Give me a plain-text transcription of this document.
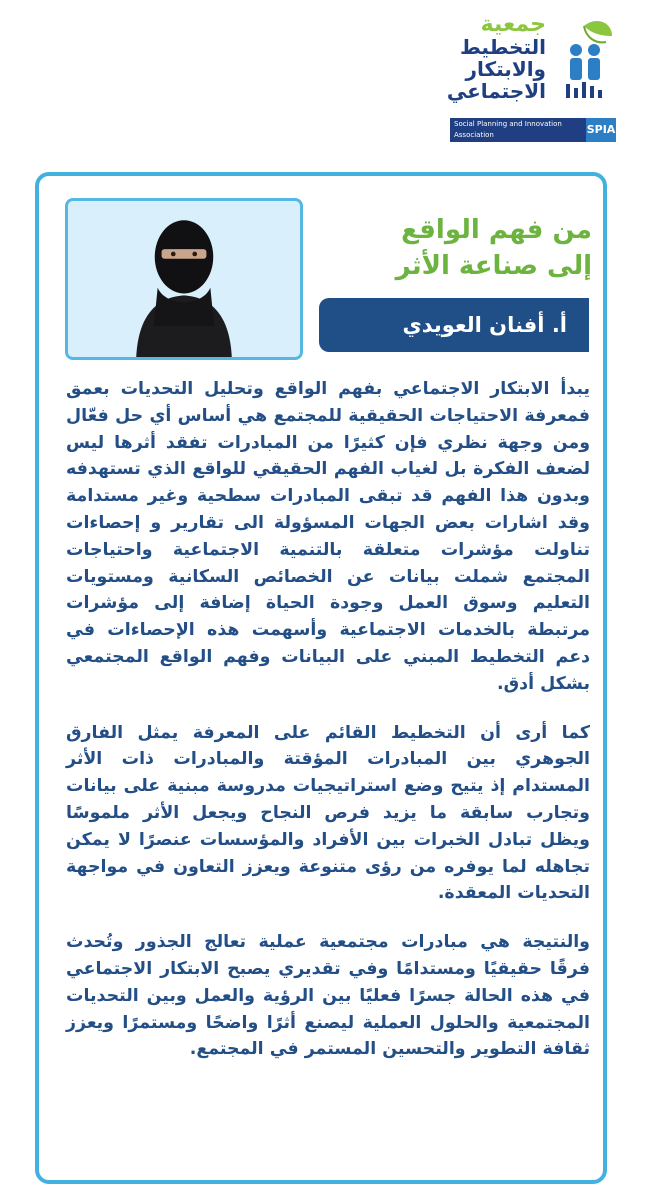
جمعية
التخطيط
والابتكار
الاجتماعي
Social Planning and Innovation Association	SPIA
من فهم الواقع
إلى صناعة الأثر
أ. أفنان العويدي

يبدأ الابتكار الاجتماعي بفهم الواقع وتحليل التحديات بعمق فمعرفة الاحتياجات الحقيقية للمجتمع هي أساس أي حل فعّال ومن وجهة نظري فإن كثيرًا من المبادرات تفقد أثرها ليس لضعف الفكرة بل لغياب الفهم الحقيقي للواقع الذي تستهدفه وبدون هذا الفهم قد تبقى المبادرات سطحية وغير مستدامة وقد اشارات بعض الجهات المسؤولة الى تقارير و إحصاءات تناولت مؤشرات متعلقة بالتنمية الاجتماعية واحتياجات المجتمع شملت بيانات عن الخصائص السكانية ومستويات التعليم وسوق العمل وجودة الحياة إضافة إلى مؤشرات مرتبطة بالخدمات الاجتماعية وأسهمت هذه الإحصاءات في دعم التخطيط المبني على البيانات وفهم الواقع المجتمعي بشكل أدق.

كما أرى أن التخطيط القائم على المعرفة يمثل الفارق الجوهري بين المبادرات المؤقتة والمبادرات ذات الأثر المستدام إذ يتيح وضع استراتيجيات مدروسة مبنية على بيانات وتجارب سابقة ما يزيد فرص النجاح ويجعل الأثر ملموسًا ويظل تبادل الخبرات بين الأفراد والمؤسسات عنصرًا لا يمكن تجاهله لما يوفره من رؤى متنوعة ويعزز التعاون في مواجهة التحديات المعقدة.

والنتيجة هي مبادرات مجتمعية عملية تعالج الجذور وتُحدث فرقًا حقيقيًا ومستدامًا وفي تقديري يصبح الابتكار الاجتماعي في هذه الحالة جسرًا فعليًا بين الرؤية والعمل وبين التحديات المجتمعية والحلول العملية ليصنع أثرًا واضحًا ومستمرًا ويعزز ثقافة التطوير والتحسين المستمر في المجتمع.
